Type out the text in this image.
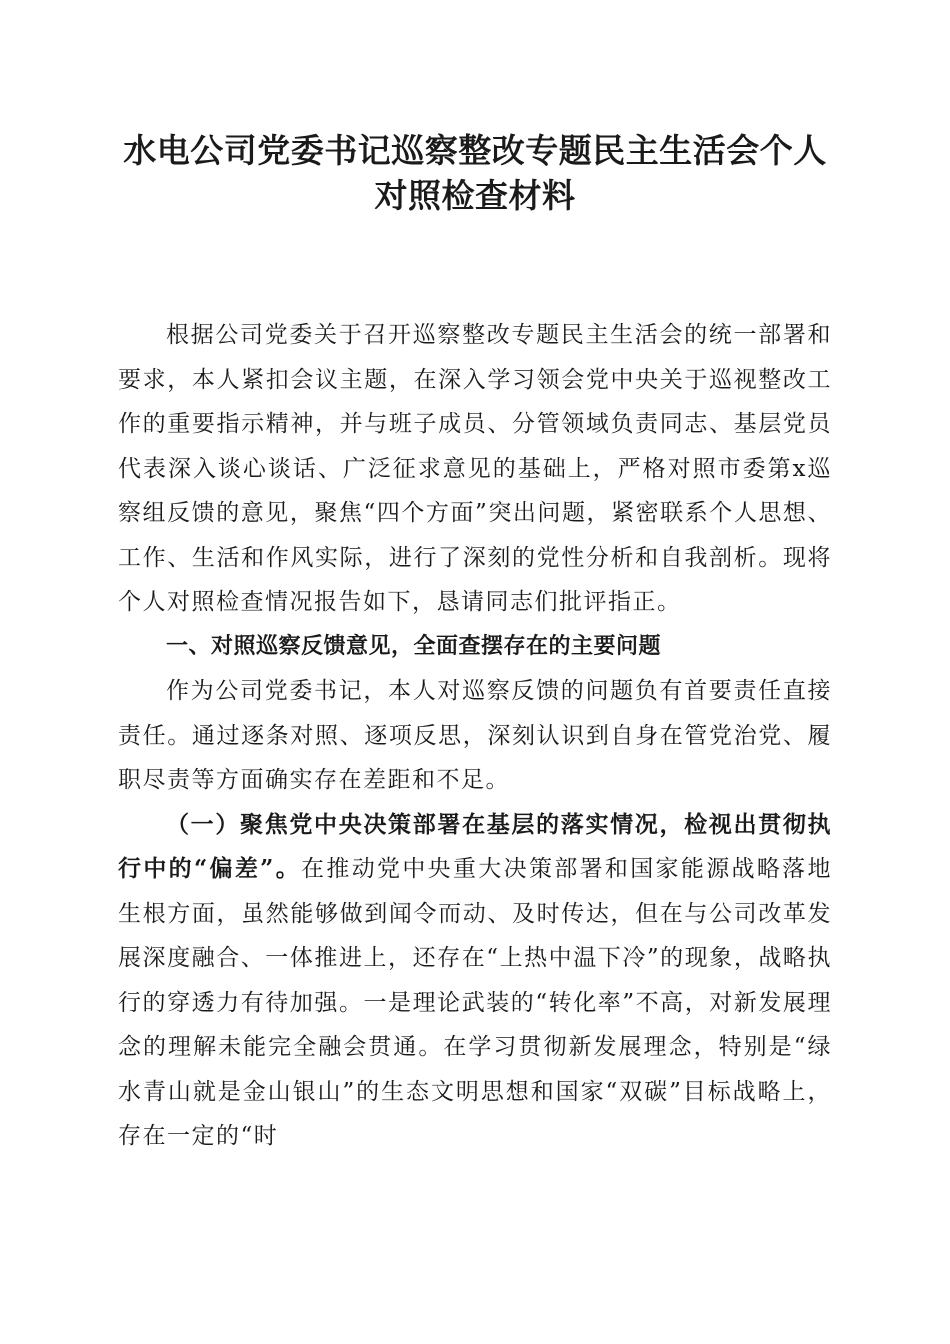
水电公司党委书记巡察整改专题民主生活会个人对照检查材料

根据公司党委关于召开巡察整改专题民主生活会的统一部署和要求，本人紧扣会议主题，在深入学习领会党中央关于巡视整改工作的重要指示精神，并与班子成员、分管领域负责同志、基层党员代表深入谈心谈话、广泛征求意见的基础上，严格对照市委第x巡察组反馈的意见，聚焦“四个方面”突出问题，紧密联系个人思想、工作、生活和作风实际，进行了深刻的党性分析和自我剖析。现将个人对照检查情况报告如下，恳请同志们批评指正。

一、对照巡察反馈意见，全面查摆存在的主要问题

作为公司党委书记，本人对巡察反馈的问题负有首要责任直接责任。通过逐条对照、逐项反思，深刻认识到自身在管党治党、履职尽责等方面确实存在差距和不足。

（一）聚焦党中央决策部署在基层的落实情况，检视出贯彻执行中的“偏差”。在推动党中央重大决策部署和国家能源战略落地生根方面，虽然能够做到闻令而动、及时传达，但在与公司改革发展深度融合、一体推进上，还存在“上热中温下冷”的现象，战略执行的穿透力有待加强。一是理论武装的“转化率”不高，对新发展理念的理解未能完全融会贯通。在学习贯彻新发展理念，特别是“绿水青山就是金山银山”的生态文明思想和国家“双碳”目标战略上，存在一定的“时
